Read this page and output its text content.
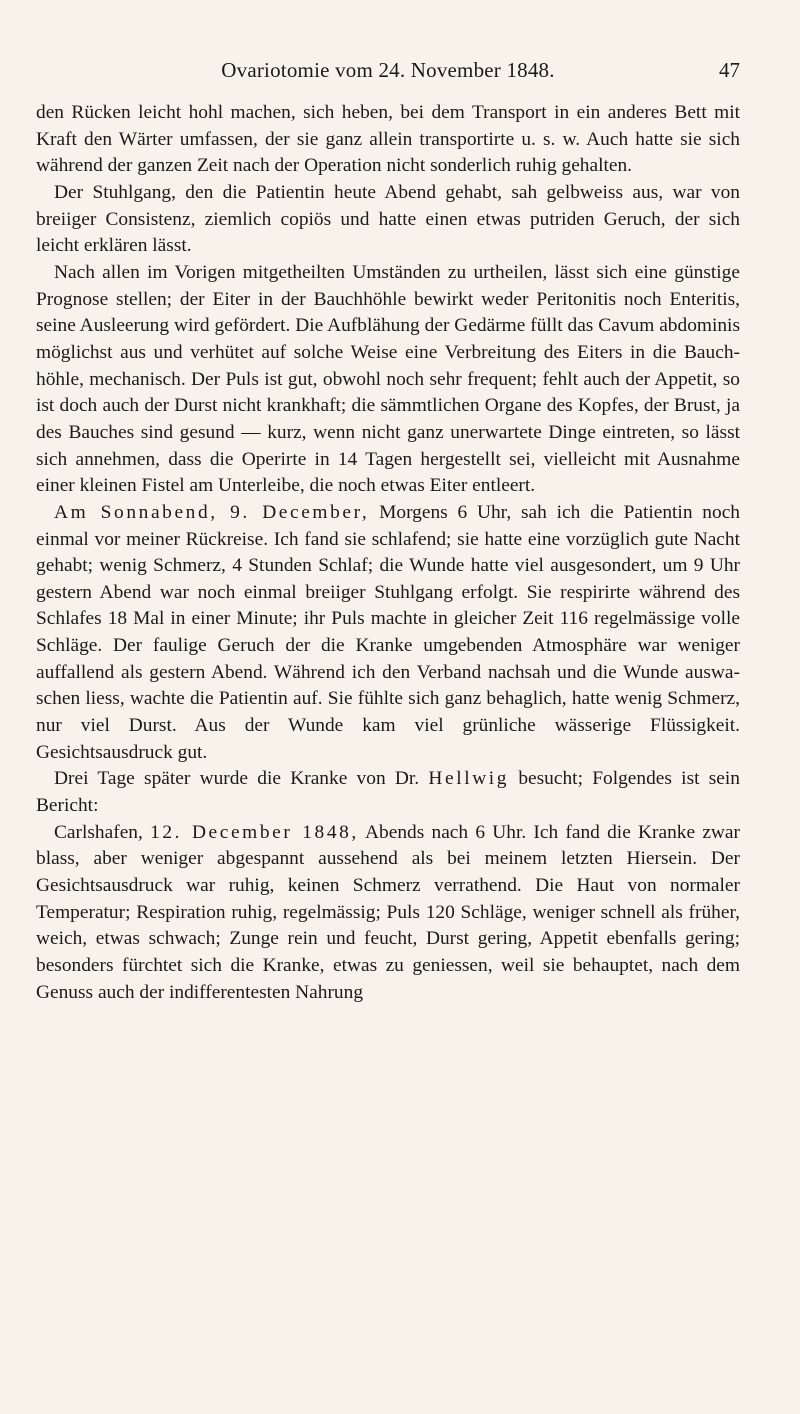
Ovariotomie vom 24. November 1848.	47

den Rücken leicht hohl machen, sich heben, bei dem Transport in ein anderes Bett mit Kraft den Wärter umfassen, der sie ganz allein transportirte u. s. w. Auch hatte sie sich während der ganzen Zeit nach der Operation nicht sonderlich ruhig gehalten.

Der Stuhlgang, den die Patientin heute Abend gehabt, sah gelbweiss aus, war von breiiger Consistenz, ziemlich copiös und hatte einen etwas putriden Geruch, der sich leicht erklären lässt.

Nach allen im Vorigen mitgetheilten Umständen zu urtheilen, lässt sich eine günstige Prognose stellen; der Eiter in der Bauchhöhle bewirkt weder Peritonitis noch Enteritis, seine Ausleerung wird gefördert. Die Aufblähung der Gedärme füllt das Cavum abdominis möglichst aus und verhütet auf solche Weise eine Verbreitung des Eiters in die Bauchhöhle, mechanisch. Der Puls ist gut, obwohl noch sehr frequent; fehlt auch der Appetit, so ist doch auch der Durst nicht krankhaft; die sämmtlichen Organe des Kopfes, der Brust, ja des Bauches sind gesund — kurz, wenn nicht ganz unerwartete Dinge eintreten, so lässt sich annehmen, dass die Operirte in 14 Tagen hergestellt sei, vielleicht mit Ausnahme einer kleinen Fistel am Unterleibe, die noch etwas Eiter entleert.

Am Sonnabend, 9. December, Morgens 6 Uhr, sah ich die Patientin noch einmal vor meiner Rückreise. Ich fand sie schlafend; sie hatte eine vorzüglich gute Nacht gehabt; wenig Schmerz, 4 Stunden Schlaf; die Wunde hatte viel ausgesondert, um 9 Uhr gestern Abend war noch einmal breiiger Stuhlgang erfolgt. Sie respirirte während des Schlafes 18 Mal in einer Minute; ihr Puls machte in gleicher Zeit 116 regelmässige volle Schläge. Der faulige Geruch der die Kranke umgebenden Atmosphäre war weniger auffallend als gestern Abend. Während ich den Verband nachsah und die Wunde auswaschen liess, wachte die Patientin auf. Sie fühlte sich ganz behaglich, hatte wenig Schmerz, nur viel Durst. Aus der Wunde kam viel grünliche wässerige Flüssigkeit. Gesichtsausdruck gut.

Drei Tage später wurde die Kranke von Dr. Hellwig besucht; Folgendes ist sein Bericht:

Carlshafen, 12. December 1848, Abends nach 6 Uhr. Ich fand die Kranke zwar blass, aber weniger abgespannt aussehend als bei meinem letzten Hiersein. Der Gesichtsausdruck war ruhig, keinen Schmerz verrathend. Die Haut von normaler Temperatur; Respiration ruhig, regelmässig; Puls 120 Schläge, weniger schnell als früher, weich, etwas schwach; Zunge rein und feucht, Durst gering, Appetit ebenfalls gering; besonders fürchtet sich die Kranke, etwas zu geniessen, weil sie behauptet, nach dem Genuss auch der indifferentesten Nahrung
